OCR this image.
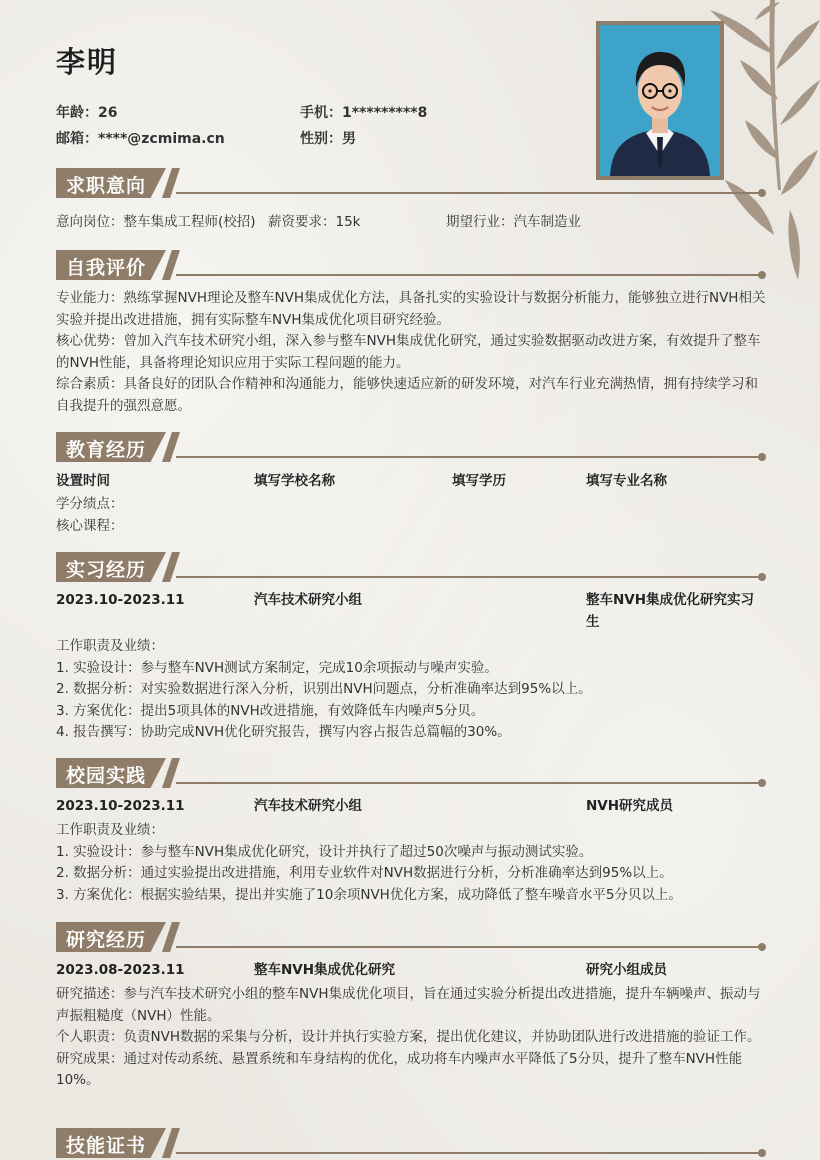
李明
年龄：26	手机：1*********8
邮箱：****@zcmima.cn	性别：男
求职意向
意向岗位：整车集成工程师(校招) 薪资要求：15k	期望行业：汽车制造业
自我评价
专业能力：熟练掌握NVH理论及整车NVH集成优化方法，具备扎实的实验设计与数据分析能力，能够独立进行NVH相关实验并提出改进措施，拥有实际整车NVH集成优化项目研究经验。
核心优势：曾加入汽车技术研究小组，深入参与整车NVH集成优化研究，通过实验数据驱动改进方案，有效提升了整车的NVH性能，具备将理论知识应用于实际工程问题的能力。
综合素质：具备良好的团队合作精神和沟通能力，能够快速适应新的研发环境，对汽车行业充满热情，拥有持续学习和自我提升的强烈意愿。
教育经历
设置时间	填写学校名称	填写学历	填写专业名称
学分绩点：
核心课程：
实习经历
2023.10-2023.11	汽车技术研究小组	整车NVH集成优化研究实习
生
工作职责及业绩：
1. 实验设计：参与整车NVH测试方案制定，完成10余项振动与噪声实验。
2. 数据分析：对实验数据进行深入分析，识别出NVH问题点，分析准确率达到95%以上。
3. 方案优化：提出5项具体的NVH改进措施，有效降低车内噪声5分贝。
4. 报告撰写：协助完成NVH优化研究报告，撰写内容占报告总篇幅的30%。
校园实践
2023.10-2023.11	汽车技术研究小组	NVH研究成员
工作职责及业绩：
1. 实验设计：参与整车NVH集成优化研究，设计并执行了超过50次噪声与振动测试实验。
2. 数据分析：通过实验提出改进措施，利用专业软件对NVH数据进行分析，分析准确率达到95%以上。
3. 方案优化：根据实验结果，提出并实施了10余项NVH优化方案，成功降低了整车噪音水平5分贝以上。
研究经历
2023.08-2023.11	整车NVH集成优化研究	研究小组成员
研究描述：参与汽车技术研究小组的整车NVH集成优化项目，旨在通过实验分析提出改进措施，提升车辆噪声、振动与声振粗糙度（NVH）性能。
个人职责：负责NVH数据的采集与分析，设计并执行实验方案，提出优化建议，并协助团队进行改进措施的验证工作。
研究成果：通过对传动系统、悬置系统和车身结构的优化，成功将车内噪声水平降低了5分贝，提升了整车NVH性能10%。
技能证书
